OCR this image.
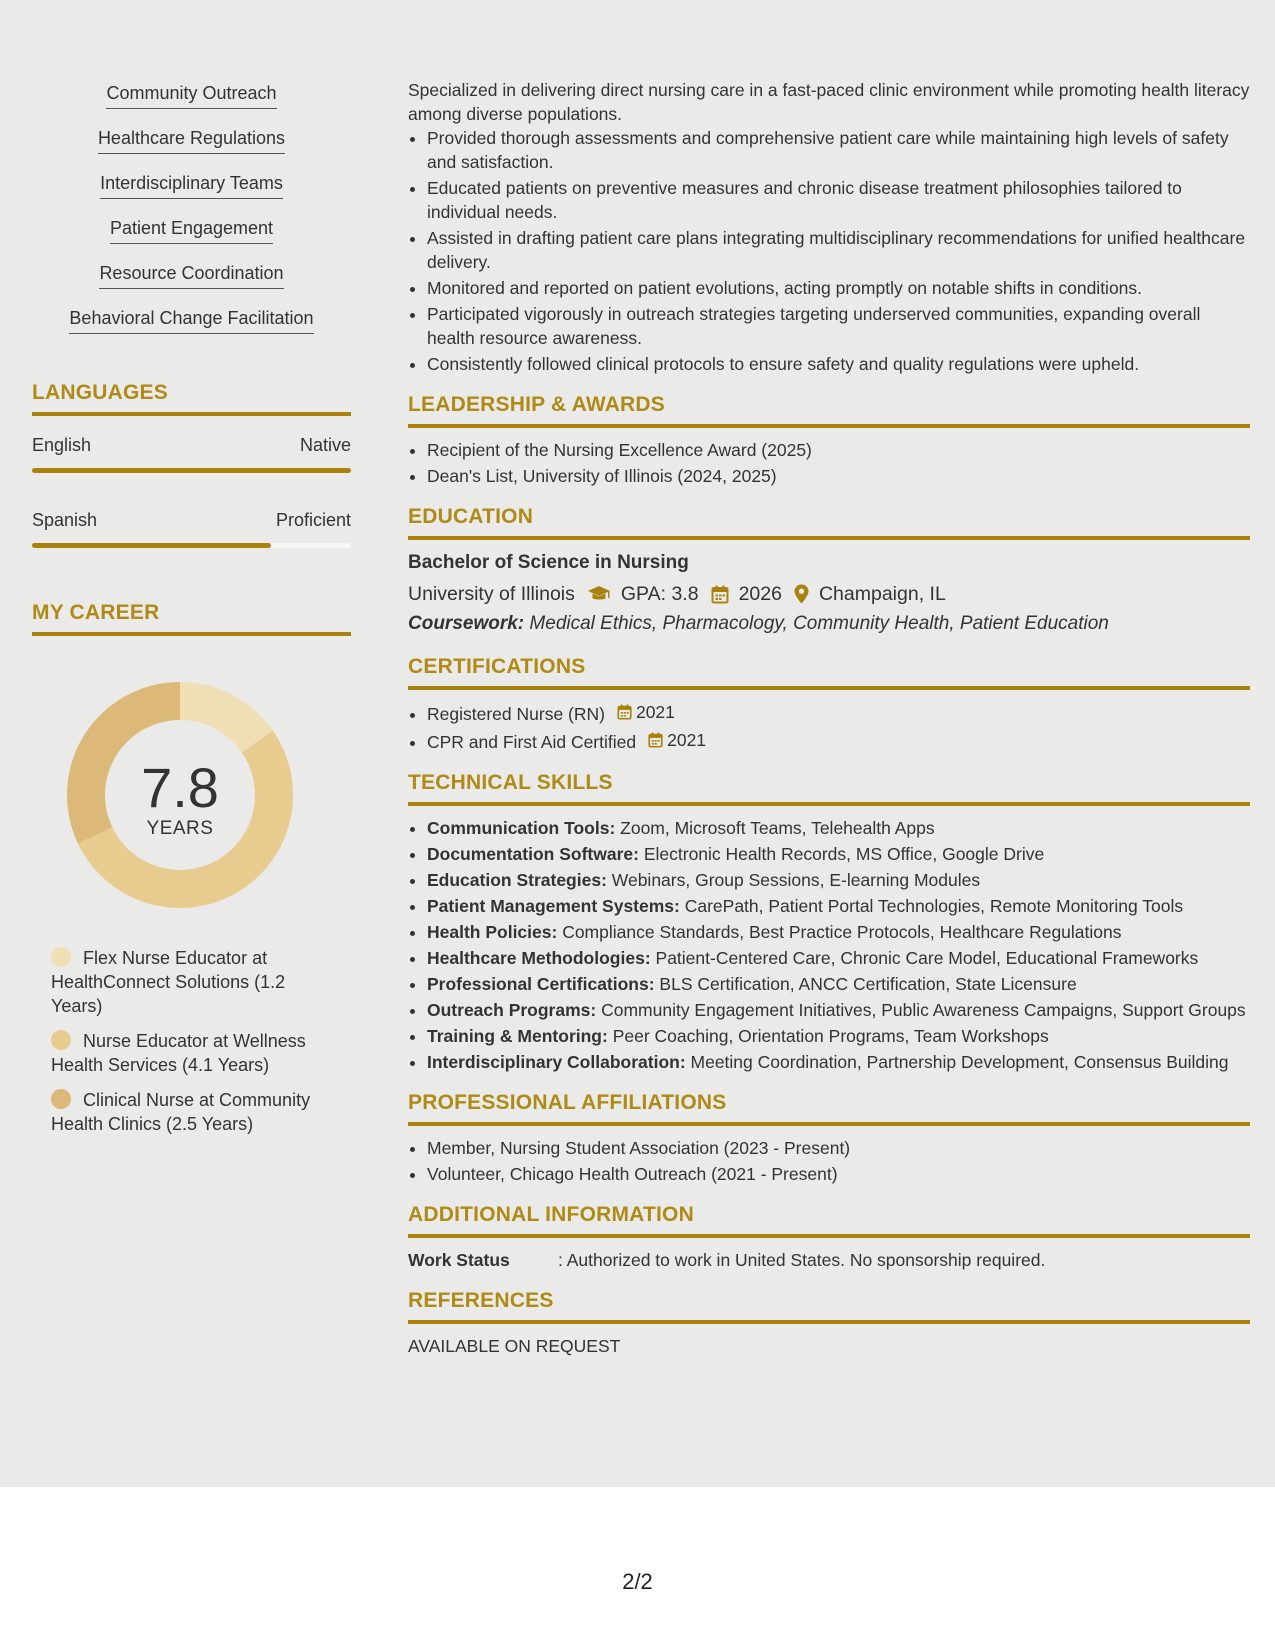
Community Outreach
Healthcare Regulations
Interdisciplinary Teams
Patient Engagement
Resource Coordination
Behavioral Change Facilitation
LANGUAGES
English	Native
Spanish	Proficient
MY CAREER
7.8
YEARS
Flex Nurse Educator at HealthConnect Solutions (1.2 Years)
Nurse Educator at Wellness Health Services (4.1 Years)
Clinical Nurse at Community Health Clinics (2.5 Years)

Specialized in delivering direct nursing care in a fast-paced clinic environment while promoting health literacy among diverse populations.

• Provided thorough assessments and comprehensive patient care while maintaining high levels of safety and satisfaction.
• Educated patients on preventive measures and chronic disease treatment philosophies tailored to individual needs.
• Assisted in drafting patient care plans integrating multidisciplinary recommendations for unified healthcare delivery.
• Monitored and reported on patient evolutions, acting promptly on notable shifts in conditions.
• Participated vigorously in outreach strategies targeting underserved communities, expanding overall health resource awareness.
• Consistently followed clinical protocols to ensure safety and quality regulations were upheld.
LEADERSHIP & AWARDS
• Recipient of the Nursing Excellence Award (2025)
• Dean's List, University of Illinois (2024, 2025)
EDUCATION
Bachelor of Science in Nursing
University of Illinois GPA: 3.8 2026 Champaign, IL
Coursework: Medical Ethics, Pharmacology, Community Health, Patient Education
CERTIFICATIONS
• Registered Nurse (RN) 2021
• CPR and First Aid Certified 2021
TECHNICAL SKILLS
• Communication Tools: Zoom, Microsoft Teams, Telehealth Apps
• Documentation Software: Electronic Health Records, MS Office, Google Drive
• Education Strategies: Webinars, Group Sessions, E-learning Modules
• Patient Management Systems: CarePath, Patient Portal Technologies, Remote Monitoring Tools
• Health Policies: Compliance Standards, Best Practice Protocols, Healthcare Regulations
• Healthcare Methodologies: Patient-Centered Care, Chronic Care Model, Educational Frameworks
• Professional Certifications: BLS Certification, ANCC Certification, State Licensure
• Outreach Programs: Community Engagement Initiatives, Public Awareness Campaigns, Support Groups
• Training & Mentoring: Peer Coaching, Orientation Programs, Team Workshops
• Interdisciplinary Collaboration: Meeting Coordination, Partnership Development, Consensus Building
PROFESSIONAL AFFILIATIONS
• Member, Nursing Student Association (2023 - Present)
• Volunteer, Chicago Health Outreach (2021 - Present)
ADDITIONAL INFORMATION
Work Status	: Authorized to work in United States. No sponsorship required.
REFERENCES
AVAILABLE ON REQUEST
2/2
